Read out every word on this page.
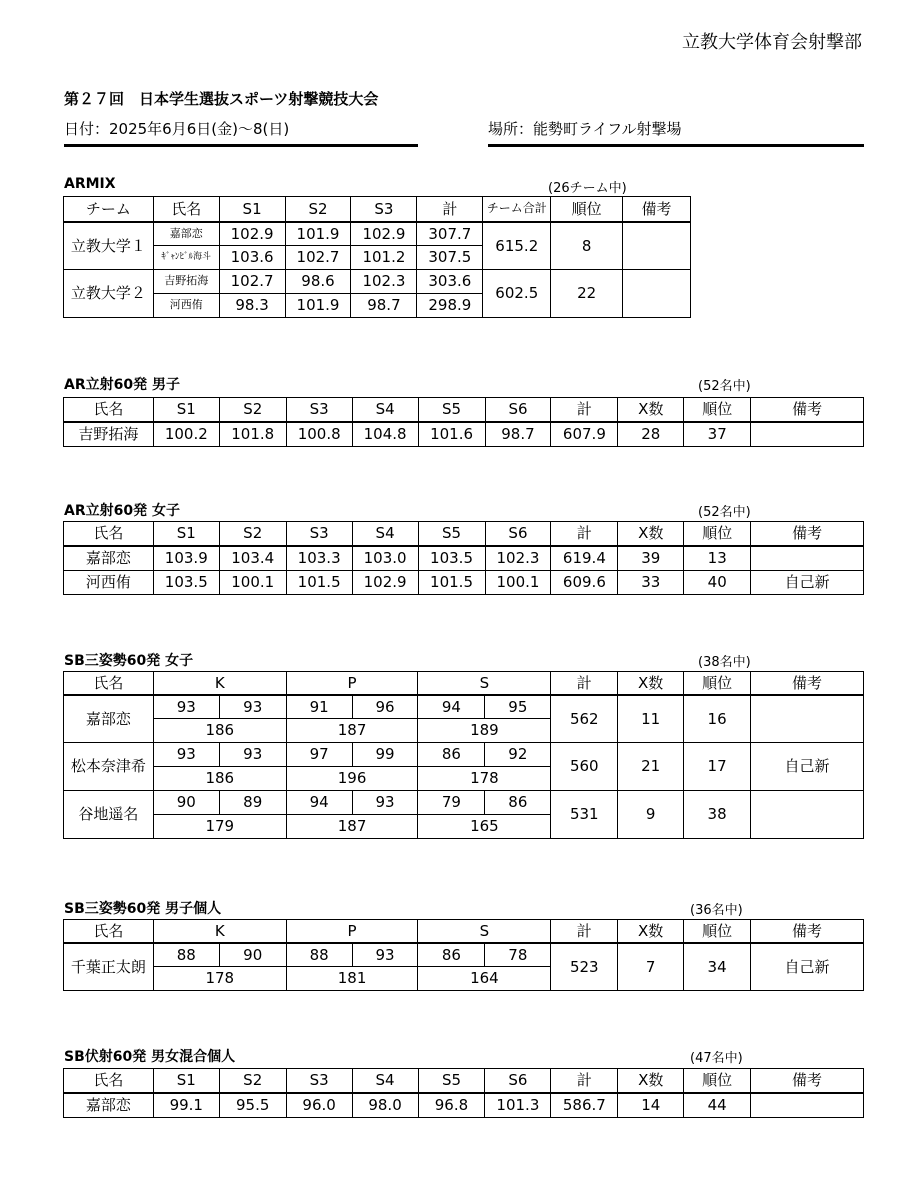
立教大学体育会射撃部
第２７回　日本学生選抜スポーツ射撃競技大会
日付：2025年6月6日(金)～8(日)	場所：能勢町ライフル射撃場
ARMIX	(26チーム中)
チーム	氏名	S1	S2	S3	計	チーム合計	順位	備考
立教大学１	嘉部恋	102.9	101.9	102.9	307.7	615.2	8	
	ｷﾞｬﾝﾋﾞﾙ海斗	103.6	102.7	101.2	307.5			
立教大学２	吉野拓海	102.7	98.6	102.3	303.6	602.5	22	
	河西侑	98.3	101.9	98.7	298.9			
AR立射60発 男子	(52名中)
氏名	S1	S2	S3	S4	S5	S6	計	X数	順位	備考
吉野拓海	100.2	101.8	100.8	104.8	101.6	98.7	607.9	28	37	
AR立射60発 女子	(52名中)
氏名	S1	S2	S3	S4	S5	S6	計	X数	順位	備考
嘉部恋	103.9	103.4	103.3	103.0	103.5	102.3	619.4	39	13	
河西侑	103.5	100.1	101.5	102.9	101.5	100.1	609.6	33	40	自己新
SB三姿勢60発 女子	(38名中)
氏名	K		P		S		計	X数	順位	備考
嘉部恋	93	93	91	96	94	95	562	11	16	
	186		187		189					
松本奈津希	93	93	97	99	86	92	560	21	17	自己新
	186		196		178					
谷地遥名	90	89	94	93	79	86	531	9	38	
	179		187		165					
SB三姿勢60発 男子個人	(36名中)
氏名	K		P		S		計	X数	順位	備考
千葉正太朗	88	90	88	93	86	78	523	7	34	自己新
	178		181		164					
SB伏射60発 男女混合個人	(47名中)
氏名	S1	S2	S3	S4	S5	S6	計	X数	順位	備考
嘉部恋	99.1	95.5	96.0	98.0	96.8	101.3	586.7	14	44	
